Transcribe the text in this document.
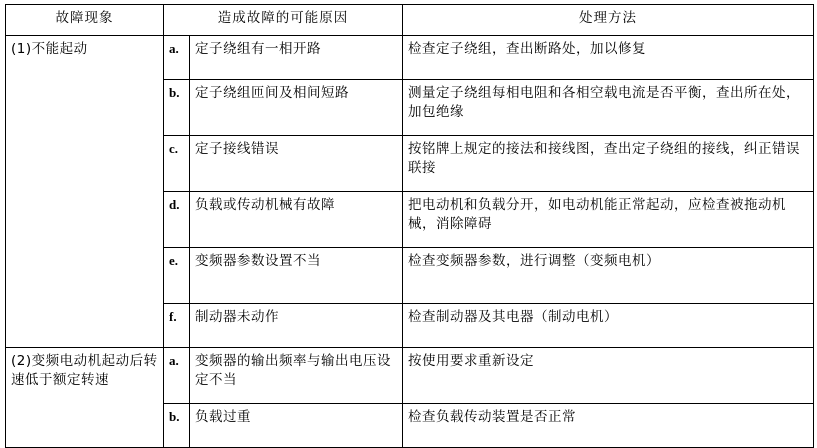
故障现象	造成故障的可能原因		处理方法
(1)不能起动	a.	定子绕组有一相开路	检查定子绕组，查出断路处，加以修复
	b.	定子绕组匝间及相间短路	测量定子绕组每相电阻和各相空载电流是否平衡，查出所在处，加包绝缘
	c.	定子接线错误	按铭牌上规定的接法和接线图，查出定子绕组的接线，纠正错误联接
	d.	负载或传动机械有故障	把电动机和负载分开，如电动机能正常起动，应检查被拖动机械，消除障碍
	e.	变频器参数设置不当	检查变频器参数，进行调整（变频电机）
	f.	制动器未动作	检查制动器及其电器（制动电机）
(2)变频电动机起动后转速低于额定转速	a.	变频器的输出频率与输出电压设定不当	按使用要求重新设定
	b.	负载过重	检查负载传动装置是否正常
